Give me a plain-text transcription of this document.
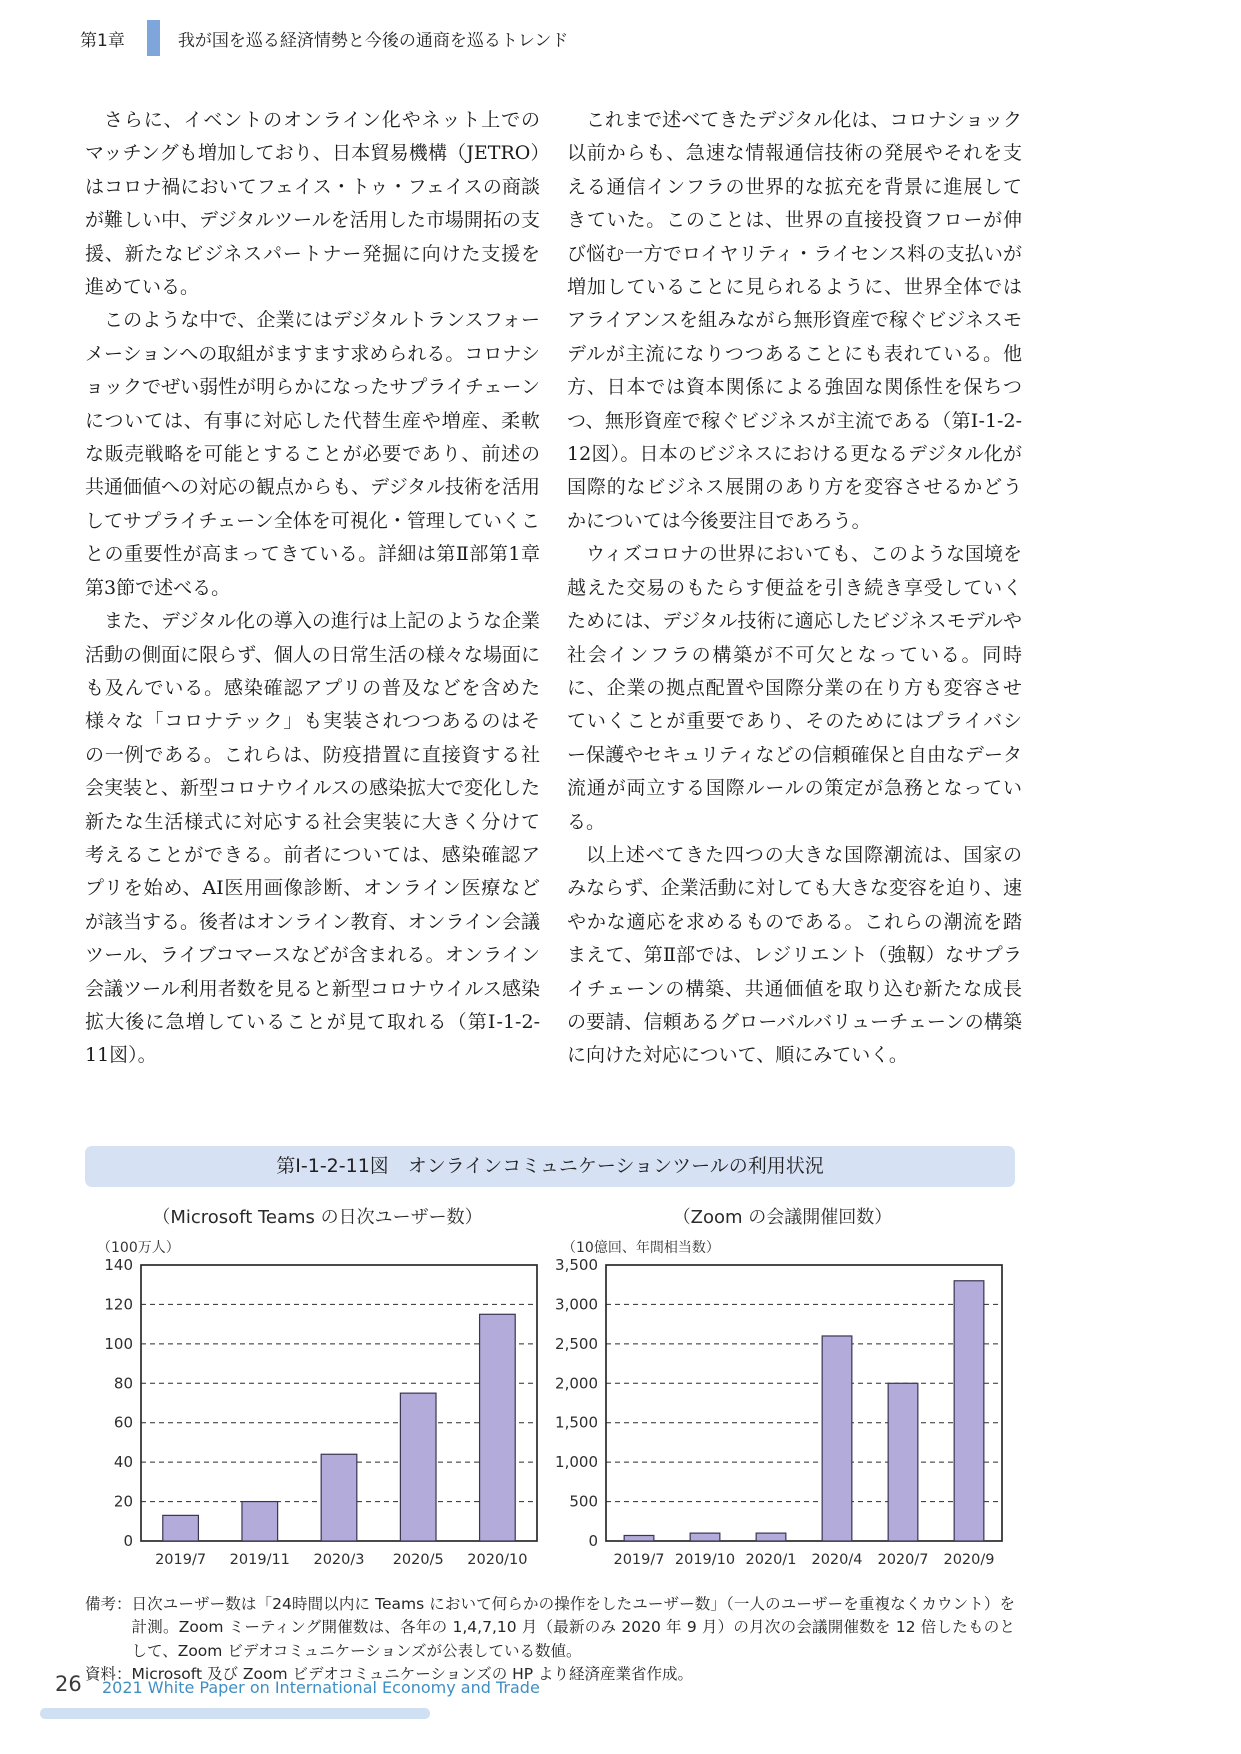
第1章	我が国を巡る経済情勢と今後の通商を巡るトレンド

さらに、イベントのオンライン化やネット上でのマッチングも増加しており、日本貿易機構（JETRO）はコロナ禍においてフェイス・トゥ・フェイスの商談が難しい中、デジタルツールを活用した市場開拓の支援、新たなビジネスパートナー発掘に向けた支援を進めている。

このような中で、企業にはデジタルトランスフォーメーションへの取組がますます求められる。コロナショックでぜい弱性が明らかになったサプライチェーンについては、有事に対応した代替生産や増産、柔軟な販売戦略を可能とすることが必要であり、前述の共通価値への対応の観点からも、デジタル技術を活用してサプライチェーン全体を可視化・管理していくことの重要性が高まってきている。詳細は第Ⅱ部第1章第3節で述べる。

また、デジタル化の導入の進行は上記のような企業活動の側面に限らず、個人の日常生活の様々な場面にも及んでいる。感染確認アプリの普及などを含めた様々な「コロナテック」も実装されつつあるのはその一例である。これらは、防疫措置に直接資する社会実装と、新型コロナウイルスの感染拡大で変化した新たな生活様式に対応する社会実装に大きく分けて考えることができる。前者については、感染確認アプリを始め、AI医用画像診断、オンライン医療などが該当する。後者はオンライン教育、オンライン会議ツール、ライブコマースなどが含まれる。オンライン会議ツール利用者数を見ると新型コロナウイルス感染拡大後に急増していることが見て取れる（第Ⅰ-1-2-11図）。

これまで述べてきたデジタル化は、コロナショック以前からも、急速な情報通信技術の発展やそれを支える通信インフラの世界的な拡充を背景に進展してきていた。このことは、世界の直接投資フローが伸び悩む一方でロイヤリティ・ライセンス料の支払いが増加していることに見られるように、世界全体ではアライアンスを組みながら無形資産で稼ぐビジネスモデルが主流になりつつあることにも表れている。他方、日本では資本関係による強固な関係性を保ちつつ、無形資産で稼ぐビジネスが主流である（第Ⅰ-1-2-12図）。日本のビジネスにおける更なるデジタル化が国際的なビジネス展開のあり方を変容させるかどうかについては今後要注目であろう。

ウィズコロナの世界においても、このような国境を越えた交易のもたらす便益を引き続き享受していくためには、デジタル技術に適応したビジネスモデルや社会インフラの構築が不可欠となっている。同時に、企業の拠点配置や国際分業の在り方も変容させていくことが重要であり、そのためにはプライバシー保護やセキュリティなどの信頼確保と自由なデータ流通が両立する国際ルールの策定が急務となっている。

以上述べてきた四つの大きな国際潮流は、国家のみならず、企業活動に対しても大きな変容を迫り、速やかな適応を求めるものである。これらの潮流を踏まえて、第Ⅱ部では、レジリエント（強靱）なサプライチェーンの構築、共通価値を取り込む新たな成長の要請、信頼あるグローバルバリューチェーンの構築に向けた対応について、順にみていく。

第Ⅰ-1-2-11図　オンラインコミュニケーションツールの利用状況
（Microsoft Teams の日次ユーザー数）
（100万人）
0
20
40
60
80
100
120
140
2019/7 2019/11 2020/3 2020/5 2020/10
（Zoom の会議開催回数）
（10億回、年間相当数）
0
500
1,000
1,500
2,000
2,500
3,000
3,500
2019/7 2019/10 2020/1 2020/4 2020/7 2020/9
備考： 日次ユーザー数は「24時間以内に Teams において何らかの操作をしたユーザー数」（一人のユーザーを重複なくカウント）を計測。Zoom ミーティング開催数は、各年の 1,4,7,10 月（最新のみ 2020 年 9 月）の月次の会議開催数を 12 倍したものとして、Zoom ビデオコミュニケーションズが公表している数値。
資料： Microsoft 及び Zoom ビデオコミュニケーションズの HP より経済産業省作成。
26 2021 White Paper on International Economy and Trade
